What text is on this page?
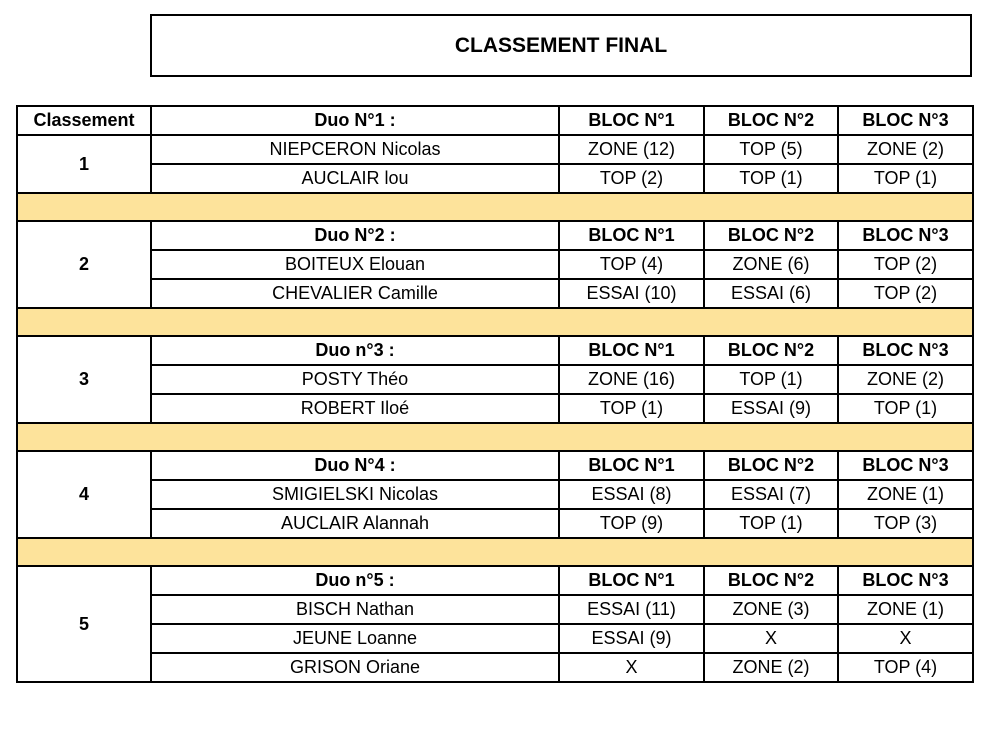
CLASSEMENT FINAL
Classement	Duo N°1 :	BLOC N°1	BLOC N°2	BLOC N°3
1	NIEPCERON Nicolas	ZONE (12)	TOP (5)	ZONE (2)
	AUCLAIR lou	TOP (2)	TOP (1)	TOP (1)

2	Duo N°2 :	BLOC N°1	BLOC N°2	BLOC N°3
	BOITEUX Elouan	TOP (4)	ZONE (6)	TOP (2)
	CHEVALIER Camille	ESSAI (10)	ESSAI (6)	TOP (2)

3	Duo n°3 :	BLOC N°1	BLOC N°2	BLOC N°3
	POSTY Théo	ZONE (16)	TOP (1)	ZONE (2)
	ROBERT Iloé	TOP (1)	ESSAI (9)	TOP (1)

4	Duo N°4 :	BLOC N°1	BLOC N°2	BLOC N°3
	SMIGIELSKI Nicolas	ESSAI (8)	ESSAI (7)	ZONE (1)
	AUCLAIR Alannah	TOP (9)	TOP (1)	TOP (3)

5	Duo n°5 :	BLOC N°1	BLOC N°2	BLOC N°3
	BISCH Nathan	ESSAI (11)	ZONE (3)	ZONE (1)
	JEUNE Loanne	ESSAI (9)	X	X
	GRISON Oriane	X	ZONE (2)	TOP (4)
